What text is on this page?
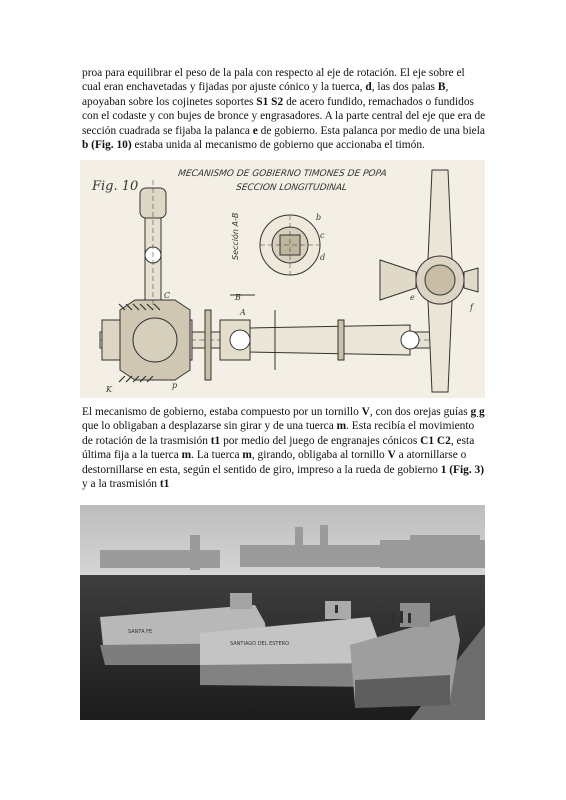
proa para equilibrar el peso de la pala con respecto al eje de rotación. El eje sobre el cual eran enchavetadas y fijadas por ajuste cónico y la tuerca, d, las dos palas B, apoyaban sobre los cojinetes soportes S1 S2 de acero fundido, remachados o fundidos con el codaste y con bujes de bronce y engrasadores. A la parte central del eje que era de sección cuadrada se fijaba la palanca e de gobierno. Esta palanca por medio de una biela b (Fig. 10) estaba unida al mecanismo de gobierno que accionaba el timón.

Fig. 10
MECANISMO DE GOBIERNO TIMONES DE POPA
SECCION LONGITUDINAL
Sección A-B
B
A
C
K	p
b
c
d
e
f

El mecanismo de gobierno, estaba compuesto por un tornillo V, con dos orejas guías g g que lo obligaban a desplazarse sin girar y de una tuerca m. Esta recibía el movimiento de rotación de la trasmisión t1 por medio del juego de engranajes cónicos C1 C2, esta última fija a la tuerca m. La tuerca m, girando, obligaba al tornillo V a atornillarse o destornillarse en esta, según el sentido de giro, impreso a la rueda de gobierno 1 (Fig. 3) y a la trasmisión t1

SANTA FE
SANTIAGO DEL ESTERO
